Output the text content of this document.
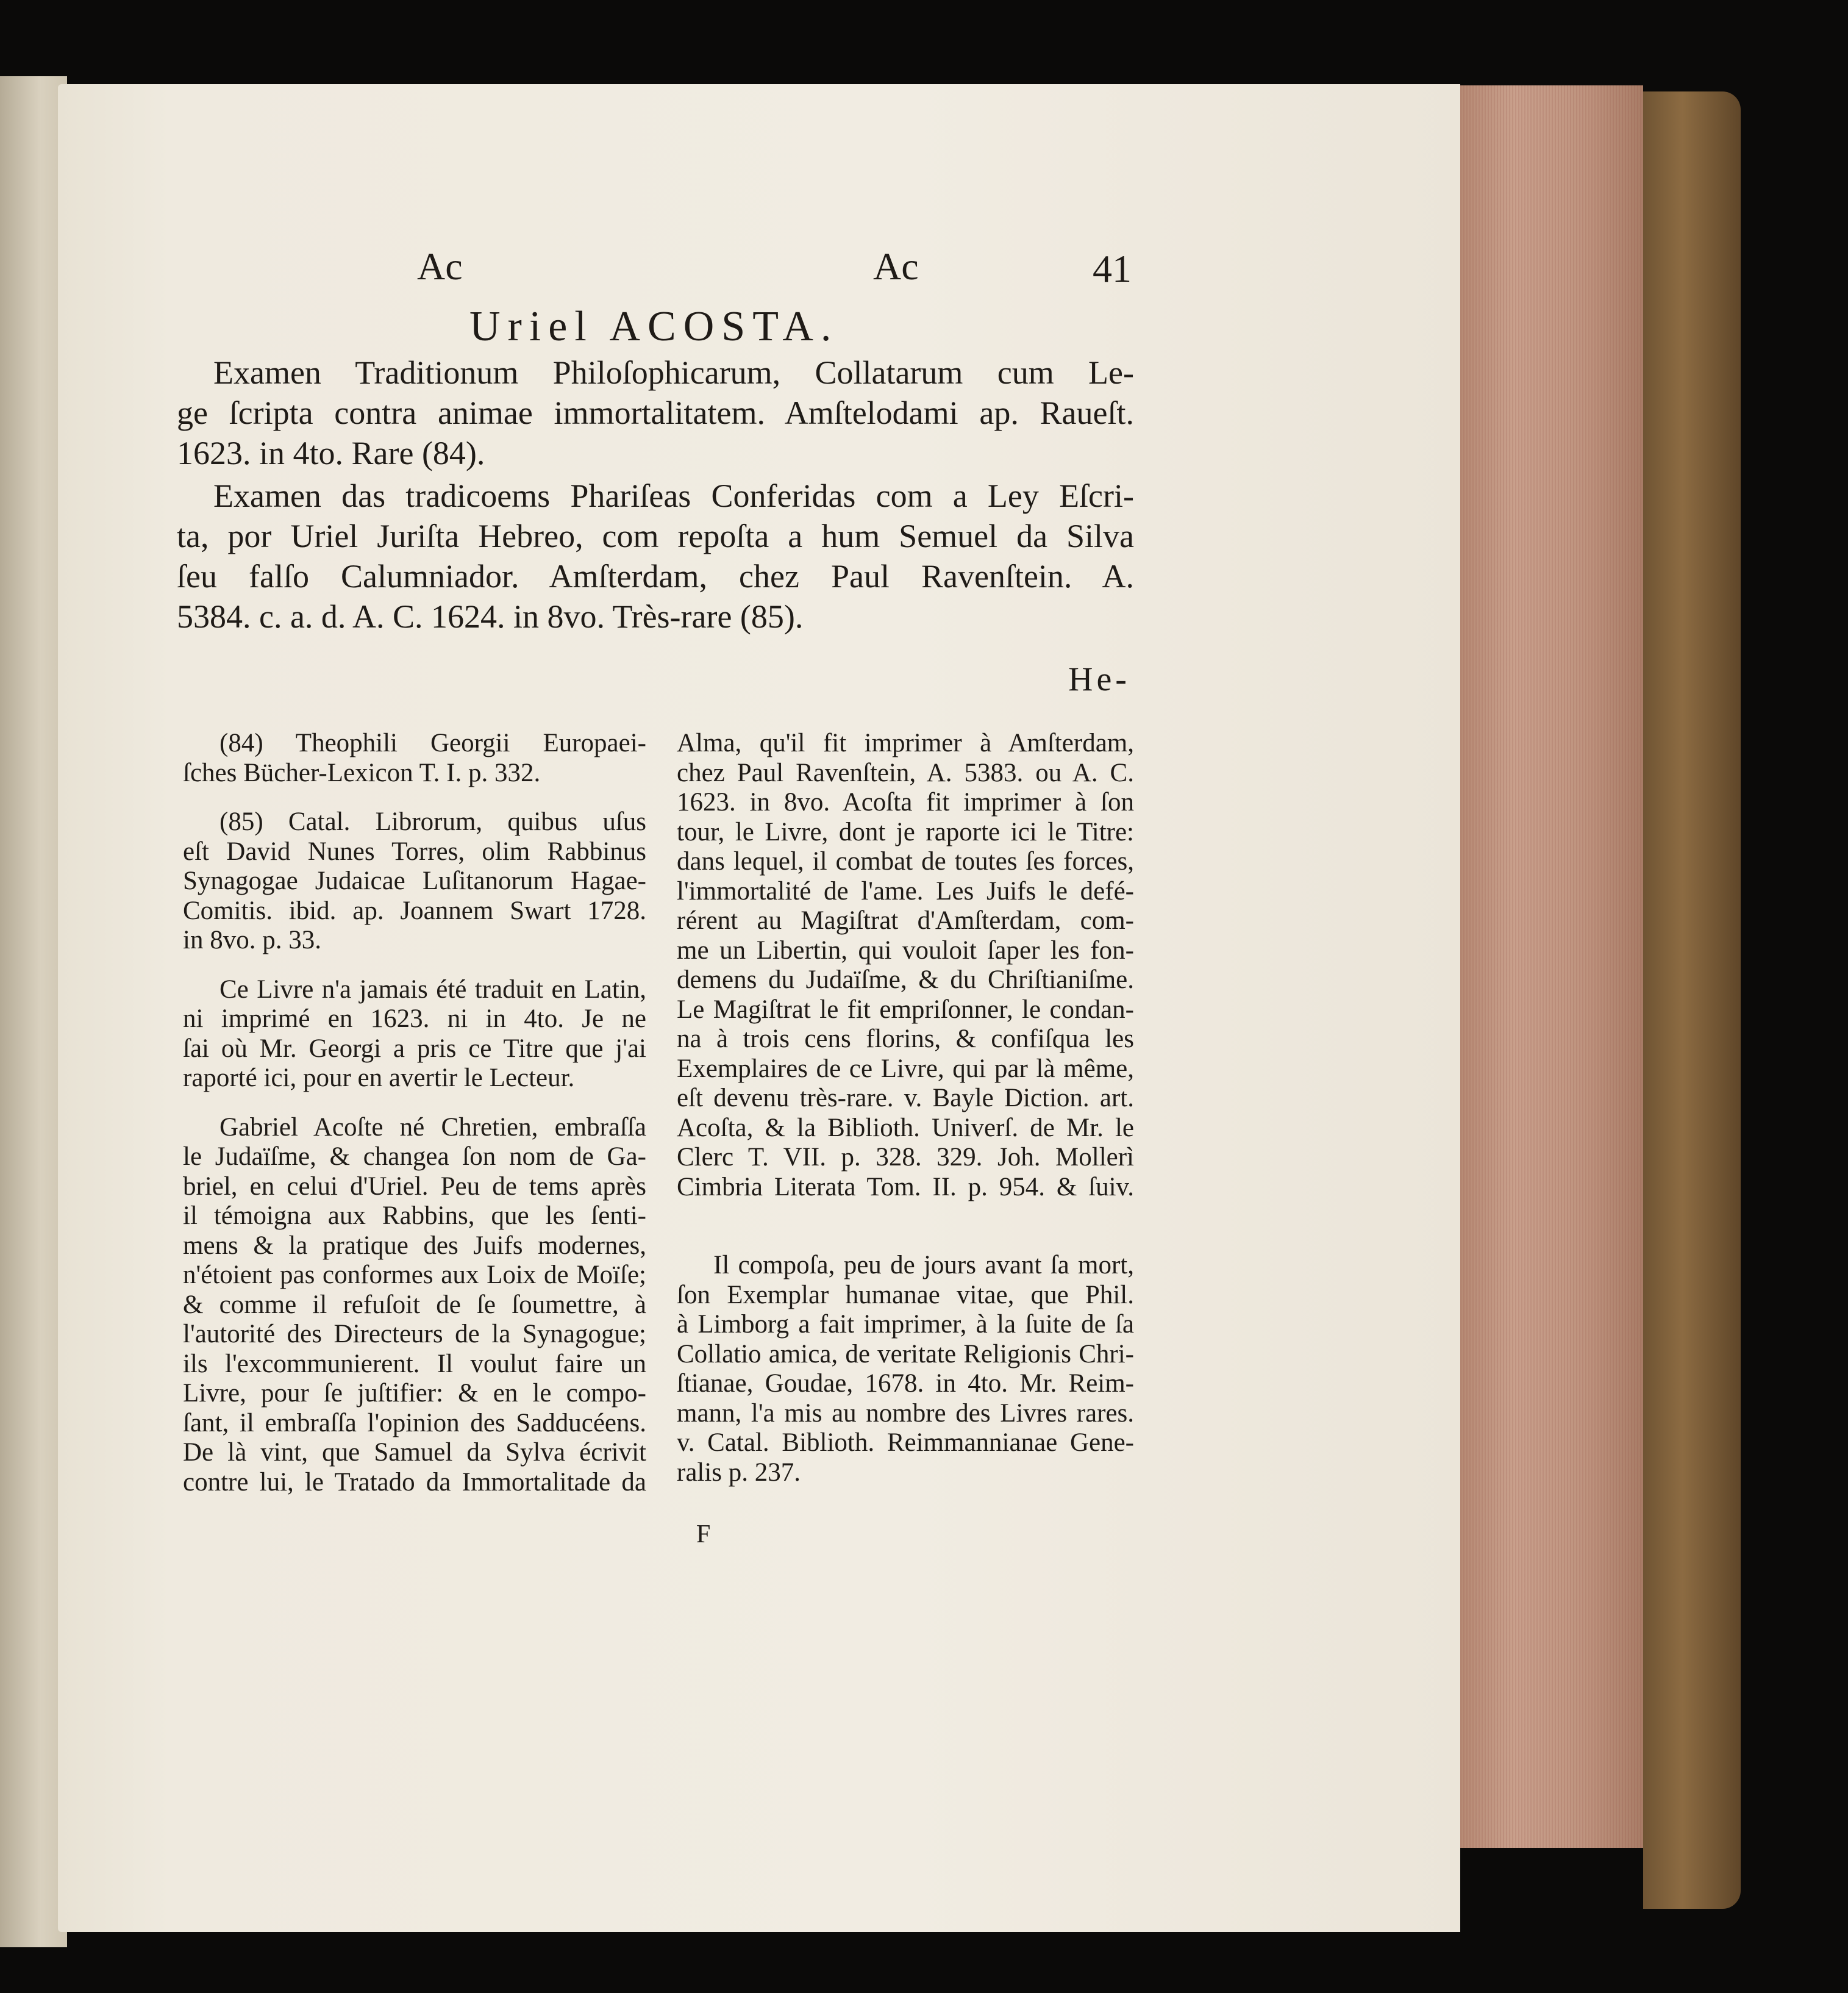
Ac	Ac	41
Uriel ACOSTA.
Examen Traditionum Philoſophicarum, Collatarum cum Le-
ge ſcripta contra animae immortalitatem. Amſtelodami ap. Raueſt.
1623. in 4to. Rare (84).
Examen das tradicoems Phariſeas Conferidas com a Ley Eſcri-
ta, por Uriel Juriſta Hebreo, com repoſta a hum Semuel da Silva
ſeu falſo Calumniador. Amſterdam, chez Paul Ravenſtein. A.
5384. c. a. d. A. C. 1624. in 8vo. Très-rare (85).
He-
(84) Theophili Georgii Europaei-
ſches Bücher-Lexicon T. I. p. 332.
(85) Catal. Librorum, quibus uſus
eſt David Nunes Torres, olim Rabbinus
Synagogae Judaicae Luſitanorum Hagae-
Comitis. ibid. ap. Joannem Swart 1728.
in 8vo. p. 33.
Ce Livre n'a jamais été traduit en Latin,
ni imprimé en 1623. ni in 4to. Je ne
ſai où Mr. Georgi a pris ce Titre que j'ai
raporté ici, pour en avertir le Lecteur.
Gabriel Acoſte né Chretien, embraſſa
le Judaïſme, & changea ſon nom de Ga-
briel, en celui d'Uriel. Peu de tems après
il témoigna aux Rabbins, que les ſenti-
mens & la pratique des Juifs modernes,
n'étoient pas conformes aux Loix de Moïſe;
& comme il refuſoit de ſe ſoumettre, à
l'autorité des Directeurs de la Synagogue;
ils l'excommunierent. Il voulut faire un
Livre, pour ſe juſtifier: & en le compo-
ſant, il embraſſa l'opinion des Sadducéens.
De là vint, que Samuel da Sylva écrivit
contre lui, le Tratado da Immortalitade da
Alma, qu'il fit imprimer à Amſterdam,
chez Paul Ravenſtein, A. 5383. ou A. C.
1623. in 8vo. Acoſta fit imprimer à ſon
tour, le Livre, dont je raporte ici le Titre:
dans lequel, il combat de toutes ſes forces,
l'immortalité de l'ame. Les Juifs le defé-
rérent au Magiſtrat d'Amſterdam, com-
me un Libertin, qui vouloit ſaper les fon-
demens du Judaïſme, & du Chriſtianiſme.
Le Magiſtrat le fit empriſonner, le condan-
na à trois cens florins, & confiſqua les
Exemplaires de ce Livre, qui par là même,
eſt devenu très-rare. v. Bayle Diction. art.
Acoſta, & la Biblioth. Univerſ. de Mr. le
Clerc T. VII. p. 328. 329. Joh. Mollerì
Cimbria Literata Tom. II. p. 954. & ſuiv.
Il compoſa, peu de jours avant ſa mort,
ſon Exemplar humanae vitae, que Phil.
à Limborg a fait imprimer, à la ſuite de ſa
Collatio amica, de veritate Religionis Chri-
ſtianae, Goudae, 1678. in 4to. Mr. Reim-
mann, l'a mis au nombre des Livres rares.
v. Catal. Biblioth. Reimmannianae Gene-
ralis p. 237.
F
